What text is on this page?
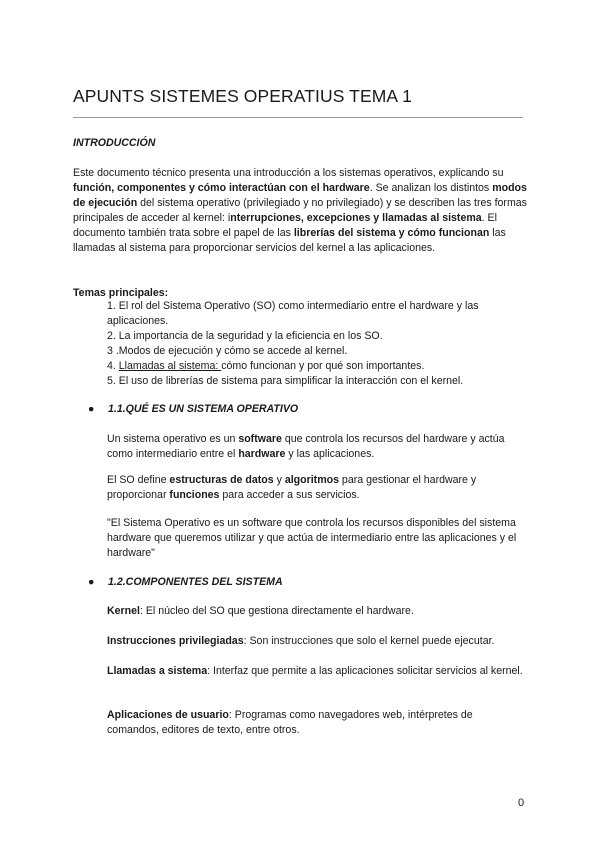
APUNTS SISTEMES OPERATIUS TEMA 1
INTRODUCCIÓN

Este documento técnico presenta una introducción a los sistemas operativos, explicando su función, componentes y cómo interactúan con el hardware. Se analizan los distintos modos de ejecución del sistema operativo (privilegiado y no privilegiado) y se describen las tres formas principales de acceder al kernel: interrupciones, excepciones y llamadas al sistema. El documento también trata sobre el papel de las librerías del sistema y cómo funcionan las llamadas al sistema para proporcionar servicios del kernel a las aplicaciones.

Temas principales:
1. El rol del Sistema Operativo (SO) como intermediario entre el hardware y las aplicaciones.
2. La importancia de la seguridad y la eficiencia en los SO.
3 .Modos de ejecución y cómo se accede al kernel.
4. Llamadas al sistema: cómo funcionan y por qué son importantes.
5. El uso de librerías de sistema para simplificar la interacción con el kernel.
● 1.1.QUÉ ES UN SISTEMA OPERATIVO

Un sistema operativo es un software que controla los recursos del hardware y actúa como intermediario entre el hardware y las aplicaciones.

El SO define estructuras de datos y algoritmos para gestionar el hardware y proporcionar funciones para acceder a sus servicios.

"El Sistema Operativo es un software que controla los recursos disponibles del sistema hardware que queremos utilizar y que actúa de intermediario entre las aplicaciones y el hardware"

● 1.2.COMPONENTES DEL SISTEMA

Kernel: El núcleo del SO que gestiona directamente el hardware.

Instrucciones privilegiadas: Son instrucciones que solo el kernel puede ejecutar.

Llamadas a sistema: Interfaz que permite a las aplicaciones solicitar servicios al kernel.

Aplicaciones de usuario: Programas como navegadores web, intérpretes de comandos, editores de texto, entre otros.

0
